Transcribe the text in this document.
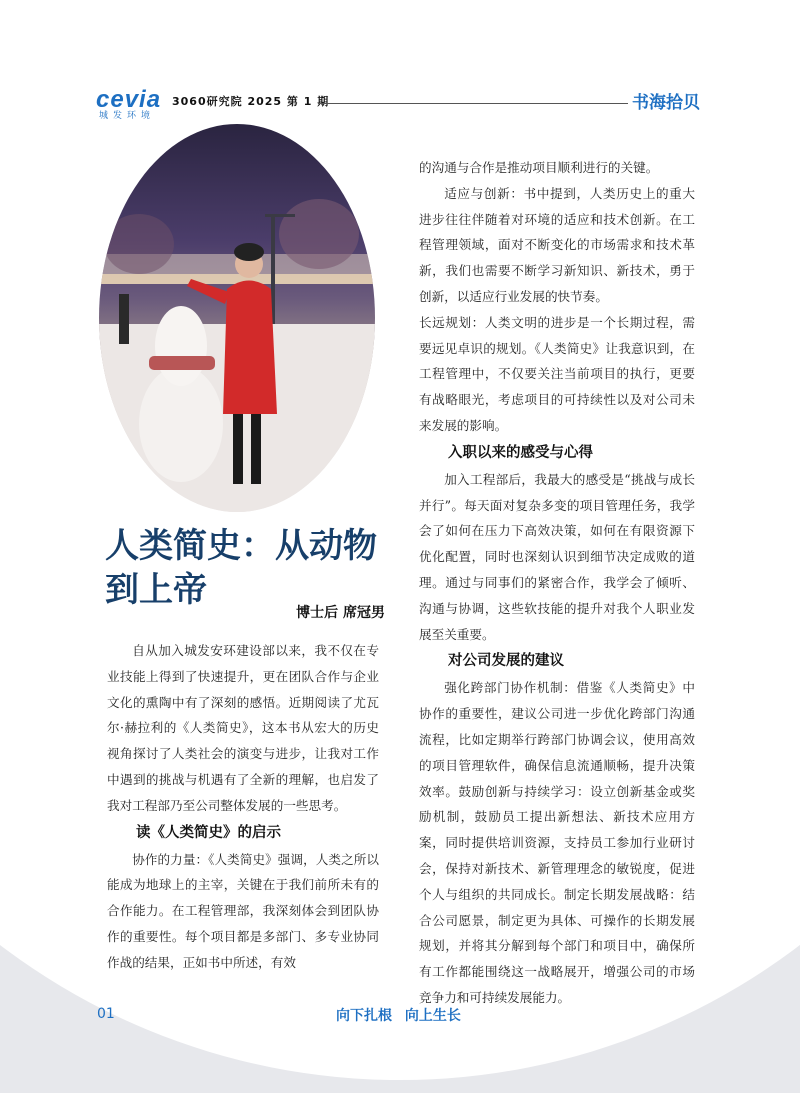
cevia
城发环境
3060研究院 2025 第 1 期	书海拾贝
人类简史：从动物
到上帝
博士后 席冠男

自从加入城发安环建设部以来，我不仅在专业技能上得到了快速提升，更在团队合作与企业文化的熏陶中有了深刻的感悟。近期阅读了尤瓦尔·赫拉利的《人类简史》，这本书从宏大的历史视角探讨了人类社会的演变与进步，让我对工作中遇到的挑战与机遇有了全新的理解，也启发了我对工程部乃至公司整体发展的一些思考。

读《人类简史》的启示

协作的力量：《人类简史》强调，人类之所以能成为地球上的主宰，关键在于我们前所未有的合作能力。在工程管理部，我深刻体会到团队协作的重要性。每个项目都是多部门、多专业协同作战的结果，正如书中所述，有效

的沟通与合作是推动项目顺利进行的关键。

适应与创新：书中提到，人类历史上的重大进步往往伴随着对环境的适应和技术创新。在工程管理领域，面对不断变化的市场需求和技术革新，我们也需要不断学习新知识、新技术，勇于创新，以适应行业发展的快节奏。

长远规划：人类文明的进步是一个长期过程，需要远见卓识的规划。《人类简史》让我意识到，在工程管理中，不仅要关注当前项目的执行，更要有战略眼光，考虑项目的可持续性以及对公司未来发展的影响。

入职以来的感受与心得

加入工程部后，我最大的感受是“挑战与成长并行”。每天面对复杂多变的项目管理任务，我学会了如何在压力下高效决策，如何在有限资源下优化配置，同时也深刻认识到细节决定成败的道理。通过与同事们的紧密合作，我学会了倾听、沟通与协调，这些软技能的提升对我个人职业发展至关重要。

对公司发展的建议

强化跨部门协作机制：借鉴《人类简史》中协作的重要性，建议公司进一步优化跨部门沟通流程，比如定期举行跨部门协调会议，使用高效的项目管理软件，确保信息流通顺畅，提升决策效率。鼓励创新与持续学习：设立创新基金或奖励机制，鼓励员工提出新想法、新技术应用方案，同时提供培训资源，支持员工参加行业研讨会，保持对新技术、新管理理念的敏锐度，促进个人与组织的共同成长。制定长期发展战略：结合公司愿景，制定更为具体、可操作的长期发展规划，并将其分解到每个部门和项目中，确保所有工作都能围绕这一战略展开，增强公司的市场竞争力和可持续发展能力。

01	向下扎根 向上生长
